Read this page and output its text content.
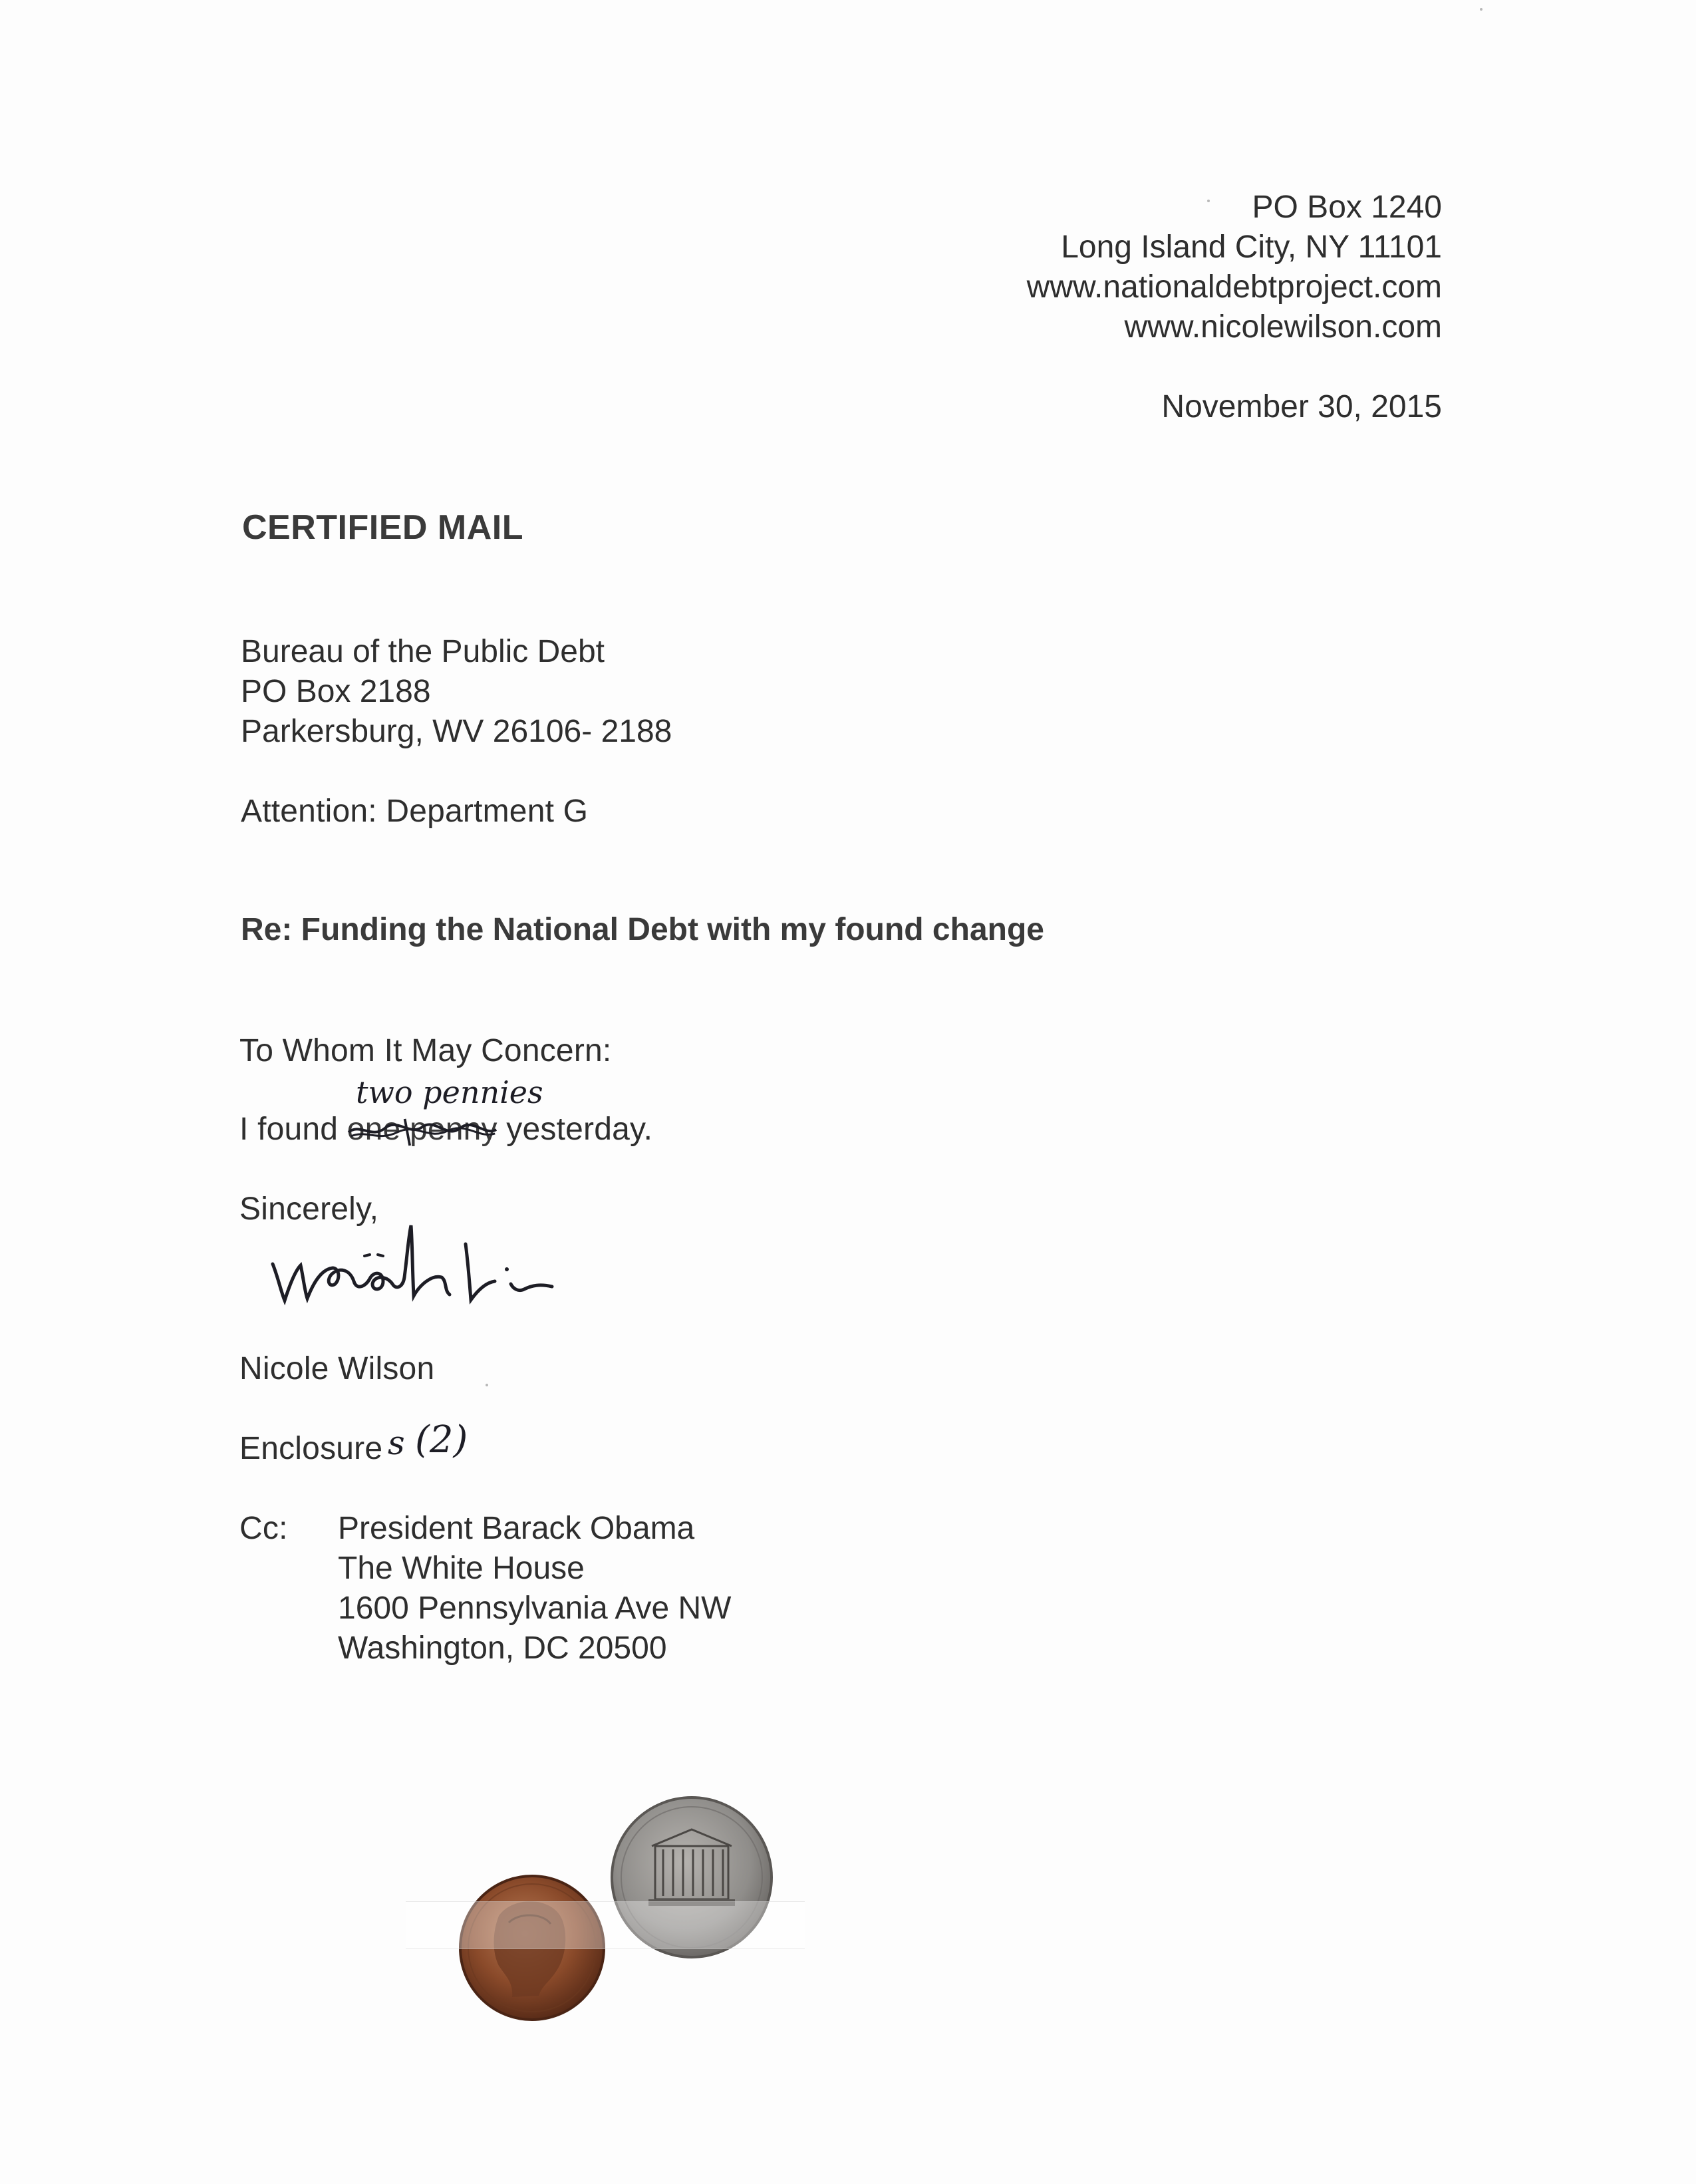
PO Box 1240
Long Island City, NY 11101
www.nationaldebtproject.com
www.nicolewilson.com
November 30, 2015
CERTIFIED MAIL
Bureau of the Public Debt
PO Box 2188
Parkersburg, WV 26106- 2188
Attention: Department G
Re: Funding the National Debt with my found change
To Whom It May Concern:
two pennies
I found one penny
yesterday.
Sincerely,
Nicole Wilson
Enclosure s (2)
Cc: President Barack Obama
The White House
1600 Pennsylvania Ave NW
Washington, DC 20500
